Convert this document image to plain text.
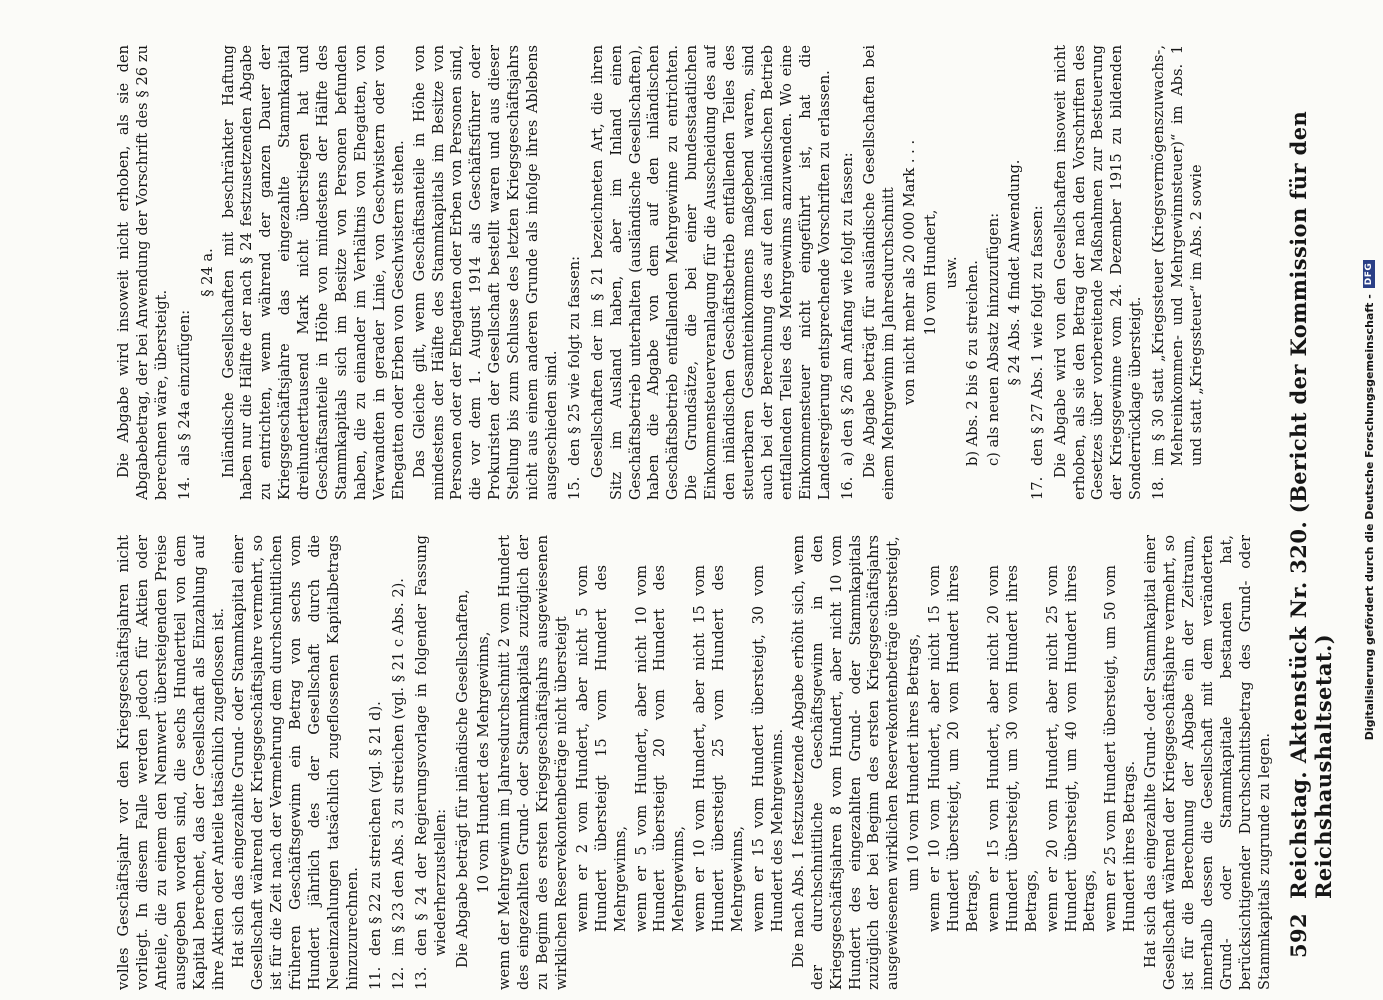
592
Reichstag. Aktenstück Nr. 320. (Bericht der Kommission für den Reichshaushaltsetat.)

volles Geschäftsjahr vor den Kriegsgeschäftsjahren nicht vorliegt. In diesem Falle werden jedoch für Aktien oder Anteile, die zu einem den Nennwert übersteigenden Preise ausgegeben worden sind, die sechs Hundertteil von dem Kapital berechnet, das der Gesellschaft als Einzahlung auf ihre Aktien oder Anteile tatsächlich zugeflossen ist. Hat sich das eingezahlte Grund- oder Stammkapital einer Gesellschaft während der Kriegsgeschäftsjahre vermehrt, so ist für die Zeit nach der Vermehrung dem durchschnittlichen früheren Geschäftsgewinn ein Betrag von sechs vom Hundert jährlich des der Gesellschaft durch die Neueinzahlungen tatsächlich zugeflossenen Kapitalbetrags hinzuzurechnen. 11.
den § 22 zu streichen (vgl. § 21 d).
12.
im § 23 den Abs. 3 zu streichen (vgl. § 21 c Abs. 2).
13.
den § 24 der Regierungsvorlage in folgender Fassung wiederherzustellen: Die Abgabe beträgt für inländische Gesellschaften, 10 vom Hundert des Mehrgewinns, wenn der Mehrgewinn im Jahresdurchschnitt 2 vom Hundert des eingezahlten Grund- oder Stammkapitals zuzüglich der zu Beginn des ersten Kriegsgeschäftsjahrs ausgewiesenen wirklichen Reservekontenbeträge nicht übersteigt wenn er 2 vom Hundert, aber nicht 5 vom Hundert übersteigt 15 vom Hundert des Mehrgewinns, wenn er 5 vom Hundert, aber nicht 10 vom Hundert übersteigt 20 vom Hundert des Mehrgewinns, wenn er 10 vom Hundert, aber nicht 15 vom Hundert übersteigt 25 vom Hundert des Mehrgewinns, wenn er 15 vom Hundert übersteigt, 30 vom Hundert des Mehrgewinns. Die nach Abs. 1 festzusetzende Abgabe erhöht sich, wenn der durchschnittliche Geschäftsgewinn in den Kriegsgeschäftsjahren 8 vom Hundert, aber nicht 10 vom Hundert des eingezahlten Grund- oder Stammkapitals zuzüglich der bei Beginn des ersten Kriegsgeschäftsjahrs ausgewiesenen wirklichen Reservekontenbeträge übersteigt, um 10 vom Hundert ihres Betrags, wenn er 10 vom Hundert, aber nicht 15 vom Hundert übersteigt, um 20 vom Hundert ihres Betrags, wenn er 15 vom Hundert, aber nicht 20 vom Hundert übersteigt, um 30 vom Hundert ihres Betrags, wenn er 20 vom Hundert, aber nicht 25 vom Hundert übersteigt, um 40 vom Hundert ihres Betrags, wenn er 25 vom Hundert übersteigt, um 50 vom Hundert ihres Betrags. Hat sich das eingezahlte Grund- oder Stammkapital einer Gesellschaft während der Kriegsgeschäftsjahre vermehrt, so ist für die Berechnung der Abgabe ein der Zeitraum, innerhalb dessen die Gesellschaft mit dem veränderten Grund- oder Stammkapitale bestanden hat, berücksichtigender Durchschnittsbetrag des Grund- oder Stammkapitals zugrunde zu legen.

Die Abgabe wird insoweit nicht erhoben, als sie den Abgabebetrag, der bei Anwendung der Vorschrift des § 26 zu berechnen wäre, übersteigt. 14.
als § 24a einzufügen:

§ 24 a. Inländische Gesellschaften mit beschränkter Haftung haben nur die Hälfte der nach § 24 festzusetzenden Abgabe zu entrichten, wenn während der ganzen Dauer der Kriegsgeschäftsjahre das eingezahlte Stammkapital dreihunderttausend Mark nicht überstiegen hat und Geschäftsanteile in Höhe von mindestens der Hälfte des Stammkapitals sich im Besitze von Personen befunden haben, die zu einander im Verhältnis von Ehegatten, von Verwandten in gerader Linie, von Geschwistern oder von Ehegatten oder Erben von Geschwistern stehen. Das Gleiche gilt, wenn Geschäftsanteile in Höhe von mindestens der Hälfte des Stammkapitals im Besitze von Personen oder der Ehegatten oder Erben von Personen sind, die vor dem 1. August 1914 als Geschäftsführer oder Prokuristen der Gesellschaft bestellt waren und aus dieser Stellung bis zum Schlusse des letzten Kriegsgeschäftsjahrs nicht aus einem anderen Grunde als infolge ihres Ablebens ausgeschieden sind. 15.
den § 25 wie folgt zu fassen: Gesellschaften der im § 21 bezeichneten Art, die ihren Sitz im Ausland haben, aber im Inland einen Geschäftsbetrieb unterhalten (ausländische Gesellschaften), haben die Abgabe von dem auf den inländischen Geschäftsbetrieb entfallenden Mehrgewinne zu entrichten. Die Grundsätze, die bei einer bundesstaatlichen Einkommensteuerveranlagung für die Ausscheidung des auf den inländischen Geschäftsbetrieb entfallenden Teiles des steuerbaren Gesamteinkommens maßgebend waren, sind auch bei der Berechnung des auf den inländischen Betrieb entfallenden Teiles des Mehrgewinns anzuwenden. Wo eine Einkommensteuer nicht eingeführt ist, hat die Landesregierung entsprechende Vorschriften zu erlassen. 16.
a) den § 26 am Anfang wie folgt zu fassen: Die Abgabe beträgt für ausländische Gesellschaften bei einem Mehrgewinn im Jahresdurchschnitt von nicht mehr als 20 000 Mark . . . 10 vom Hundert, usw. b) Abs. 2 bis 6 zu streichen. c) als neuen Absatz hinzuzufügen: § 24 Abs. 4 findet Anwendung.

17.
den § 27 Abs. 1 wie folgt zu fassen: Die Abgabe wird von den Gesellschaften insoweit nicht erhoben, als sie den Betrag der nach den Vorschriften des Gesetzes über vorbereitende Maßnahmen zur Besteuerung der Kriegsgewinne vom 24. Dezember 1915 zu bildenden Sonderrücklage übersteigt. 18.
im § 30 statt „Kriegssteuer (Kriegsvermögenszuwachs-, Mehreinkommen- und Mehrgewinnsteuer)“ im Abs. 1 und statt „Kriegssteuer“ im Abs. 2 sowie	Digitalisierung gefördert durch die Deutsche Forschungsgemeinschaft -
DFG
